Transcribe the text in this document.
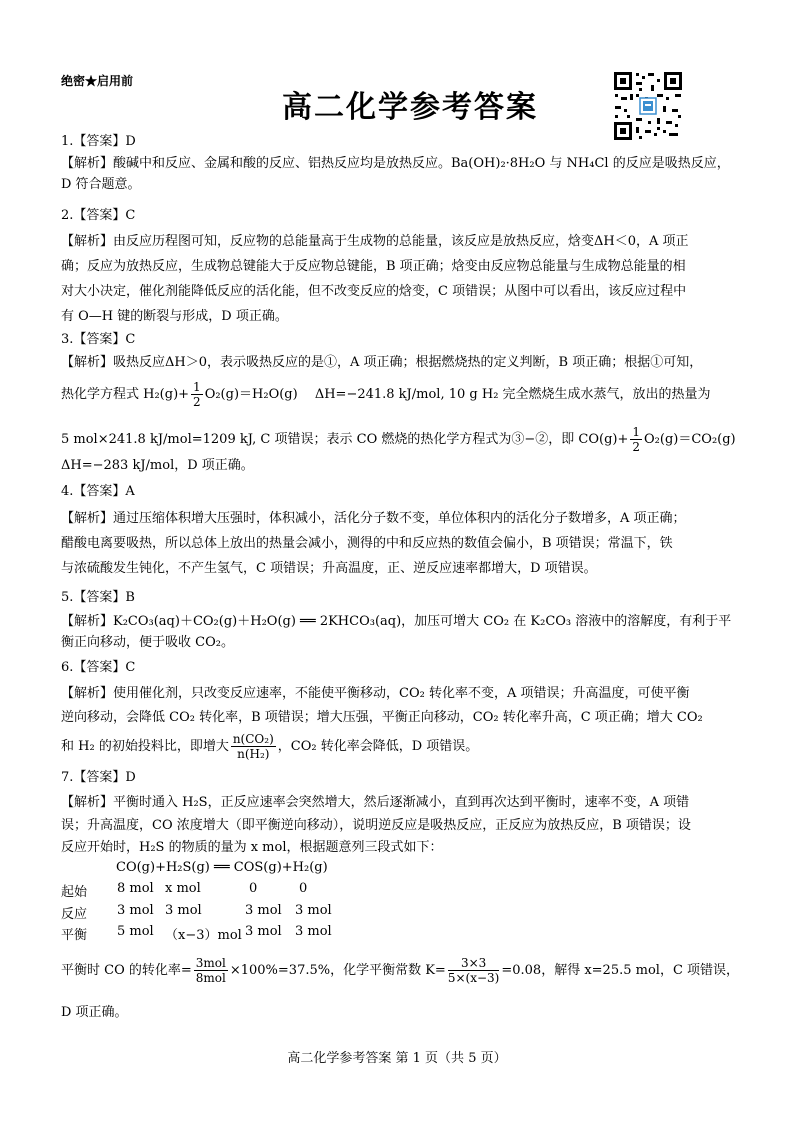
绝密★启用前
高二化学参考答案
1.【答案】D
【解析】酸碱中和反应、金属和酸的反应、铝热反应均是放热反应。Ba(OH)₂·8H₂O 与 NH₄Cl 的反应是吸热反应，
D 符合题意。
2.【答案】C
【解析】由反应历程图可知，反应物的总能量高于生成物的总能量，该反应是放热反应，焓变ΔH＜0，A 项正
确；反应为放热反应，生成物总键能大于反应物总键能，B 项正确；焓变由反应物总能量与生成物总能量的相
对大小决定，催化剂能降低反应的活化能，但不改变反应的焓变，C 项错误；从图中可以看出，该反应过程中
有 O—H 键的断裂与形成，D 项正确。
3.【答案】C
【解析】吸热反应ΔH＞0，表示吸热反应的是①，A 项正确；根据燃烧热的定义判断，B 项正确；根据①可知，
热化学方程式 $H_2(g)+ \frac{1}{2} O_2(g)=H_2O(g)$　 ΔH=−241.8 kJ/mol, 10 g H₂ 完全燃烧生成水蒸气，放出的热量为
5 mol×241.8 kJ/mol=1209 kJ, C 项错误；表示 CO 燃烧的热化学方程式为③−②，即 $CO(g)+ \frac{1}{2} O_2(g)=CO_2(g)$
ΔH=−283 kJ/mol，D 项正确。
4.【答案】A
【解析】通过压缩体积增大压强时，体积减小，活化分子数不变，单位体积内的活化分子数增多，A 项正确；
醋酸电离要吸热，所以总体上放出的热量会减小，测得的中和反应热的数值会偏小，B 项错误；常温下，铁
与浓硫酸发生钝化，不产生氢气，C 项错误；升高温度，正、逆反应速率都增大，D 项错误。
5.【答案】B
【解析】K₂CO₃(aq)＋CO₂(g)＋H₂O(g) ══ 2KHCO₃(aq)，加压可增大 CO₂ 在 K₂CO₃ 溶液中的溶解度，有利于平
衡正向移动，便于吸收 CO₂。
6.【答案】C
【解析】使用催化剂，只改变反应速率，不能使平衡移动，CO₂ 转化率不变，A 项错误；升高温度，可使平衡
逆向移动，会降低 CO₂ 转化率，B 项错误；增大压强，平衡正向移动，CO₂ 转化率升高，C 项正确；增大 CO₂
和 H₂ 的初始投料比，即增大 $\frac{\text{n(CO₂)}}{\text{n(H₂)}}$ ，CO₂ 转化率会降低，D 项错误。
7.【答案】D
【解析】平衡时通入 H₂S，正反应速率会突然增大，然后逐渐减小，直到再次达到平衡时，速率不变，A 项错
误；升高温度，CO 浓度增大（即平衡逆向移动），说明逆反应是吸热反应，正反应为放热反应，B 项错误；设
反应开始时，H₂S 的物质的量为 x mol，根据题意列三段式如下：
CO(g)+H₂S(g) ══ COS(g)+H₂(g)
起始 8 mol x mol	0	0
反应 3 mol 3 mol	3 mol 3 mol
平衡 5 mol （x−3）mol 3 mol 3 mol
平衡时 CO 的转化率= $\frac{\text{3mol}}{\text{8mol}} \times 100\%=37.5\%$，化学平衡常数 $K= \frac{3\times 3}{5\times(x-3)} =0.08$，解得 x=25.5 mol，C 项错误，
D 项正确。
高二化学参考答案 第 1 页（共 5 页）
